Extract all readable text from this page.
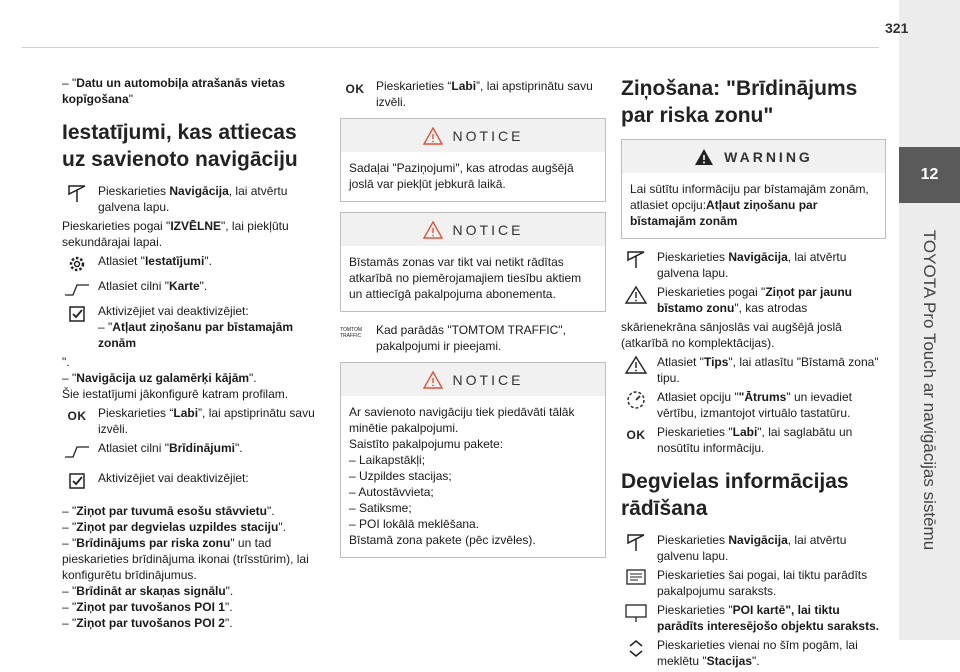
12
TOYOTA Pro Touch ar navigācijas sistēmu
321
– "Datu un automobiļa atrašanās vietas kopīgošana"
Iestatījumi, kas attiecas uz savienoto navigāciju
Pieskarieties Navigācija, lai atvērtu galvena lapu.
Pieskarieties pogai "IZVĒLNE", lai piekļūtu sekundārajai lapai.
Atlasiet "Iestatījumi".
Atlasiet cilni "Karte".
Aktivizējiet vai deaktivizējiet:
– "Atļaut ziņošanu par bīstamajām zonām
".
– "Navigācija uz galamērķi kājām".
Šie iestatījumi jākonfigurē katram profilam.
OK Pieskarieties “Labi”, lai apstiprinātu savu izvēli.
Atlasiet cilni "Brīdinājumi".
Aktivizējiet vai deaktivizējiet:
– "Ziņot par tuvumā esošu stāvvietu".
– "Ziņot par degvielas uzpildes staciju".
– "Brīdinājums par riska zonu" un tad pieskarieties brīdinājuma ikonai (trīsstūrim), lai konfigurētu brīdinājumus.
– "Brīdināt ar skaņas signālu".
– "Ziņot par tuvošanos POI 1".
– "Ziņot par tuvošanos POI 2".
OK Pieskarieties “Labi”, lai apstiprinātu savu izvēli.
NOTICE
Sadaļai "Paziņojumi", kas atrodas augšējā joslā var piekļūt jebkurā laikā.
NOTICE
Bīstamās zonas var tikt vai netikt rādītas atkarībā no piemērojamajiem tiesību aktiem un attiecīgā pakalpojuma abonementa.
TOMTOM TRAFFIC	Kad parādās "TOMTOM TRAFFIC", pakalpojumi ir pieejami.
NOTICE
Ar savienoto navigāciju tiek piedāvāti tālāk minētie pakalpojumi.
Saistīto pakalpojumu pakete:
– Laikapstākļi;
– Uzpildes stacijas;
– Autostāvvieta;
– Satiksme;
– POI lokālā meklēšana.
Bīstamā zona pakete (pēc izvēles).
Ziņošana: "Brīdinājums par riska zonu"
WARNING
Lai sūtītu informāciju par bīstamajām zonām, atlasiet opciju:Atļaut ziņošanu par bīstamajām zonām
Pieskarieties Navigācija, lai atvērtu galvena lapu.
Pieskarieties pogai "Ziņot par jaunu bīstamo zonu", kas atrodas
skārienekrāna sānjoslās vai augšējā joslā (atkarībā no komplektācijas).
Atlasiet "Tips", lai atlasītu "Bīstamā zona" tipu.
Atlasiet opciju ""Ātrums" un ievadiet vērtību, izmantojot virtuālo tastatūru.
OK Pieskarieties "Labi", lai saglabātu un nosūtītu informāciju.
Degvielas informācijas rādīšana
Pieskarieties Navigācija, lai atvērtu galvenu lapu.
Pieskarieties šai pogai, lai tiktu parādīts pakalpojumu saraksts.
Pieskarieties "POI kartē", lai tiktu parādīts interesējošo objektu saraksts.
Pieskarieties vienai no šīm pogām, lai meklētu "Stacijas".
